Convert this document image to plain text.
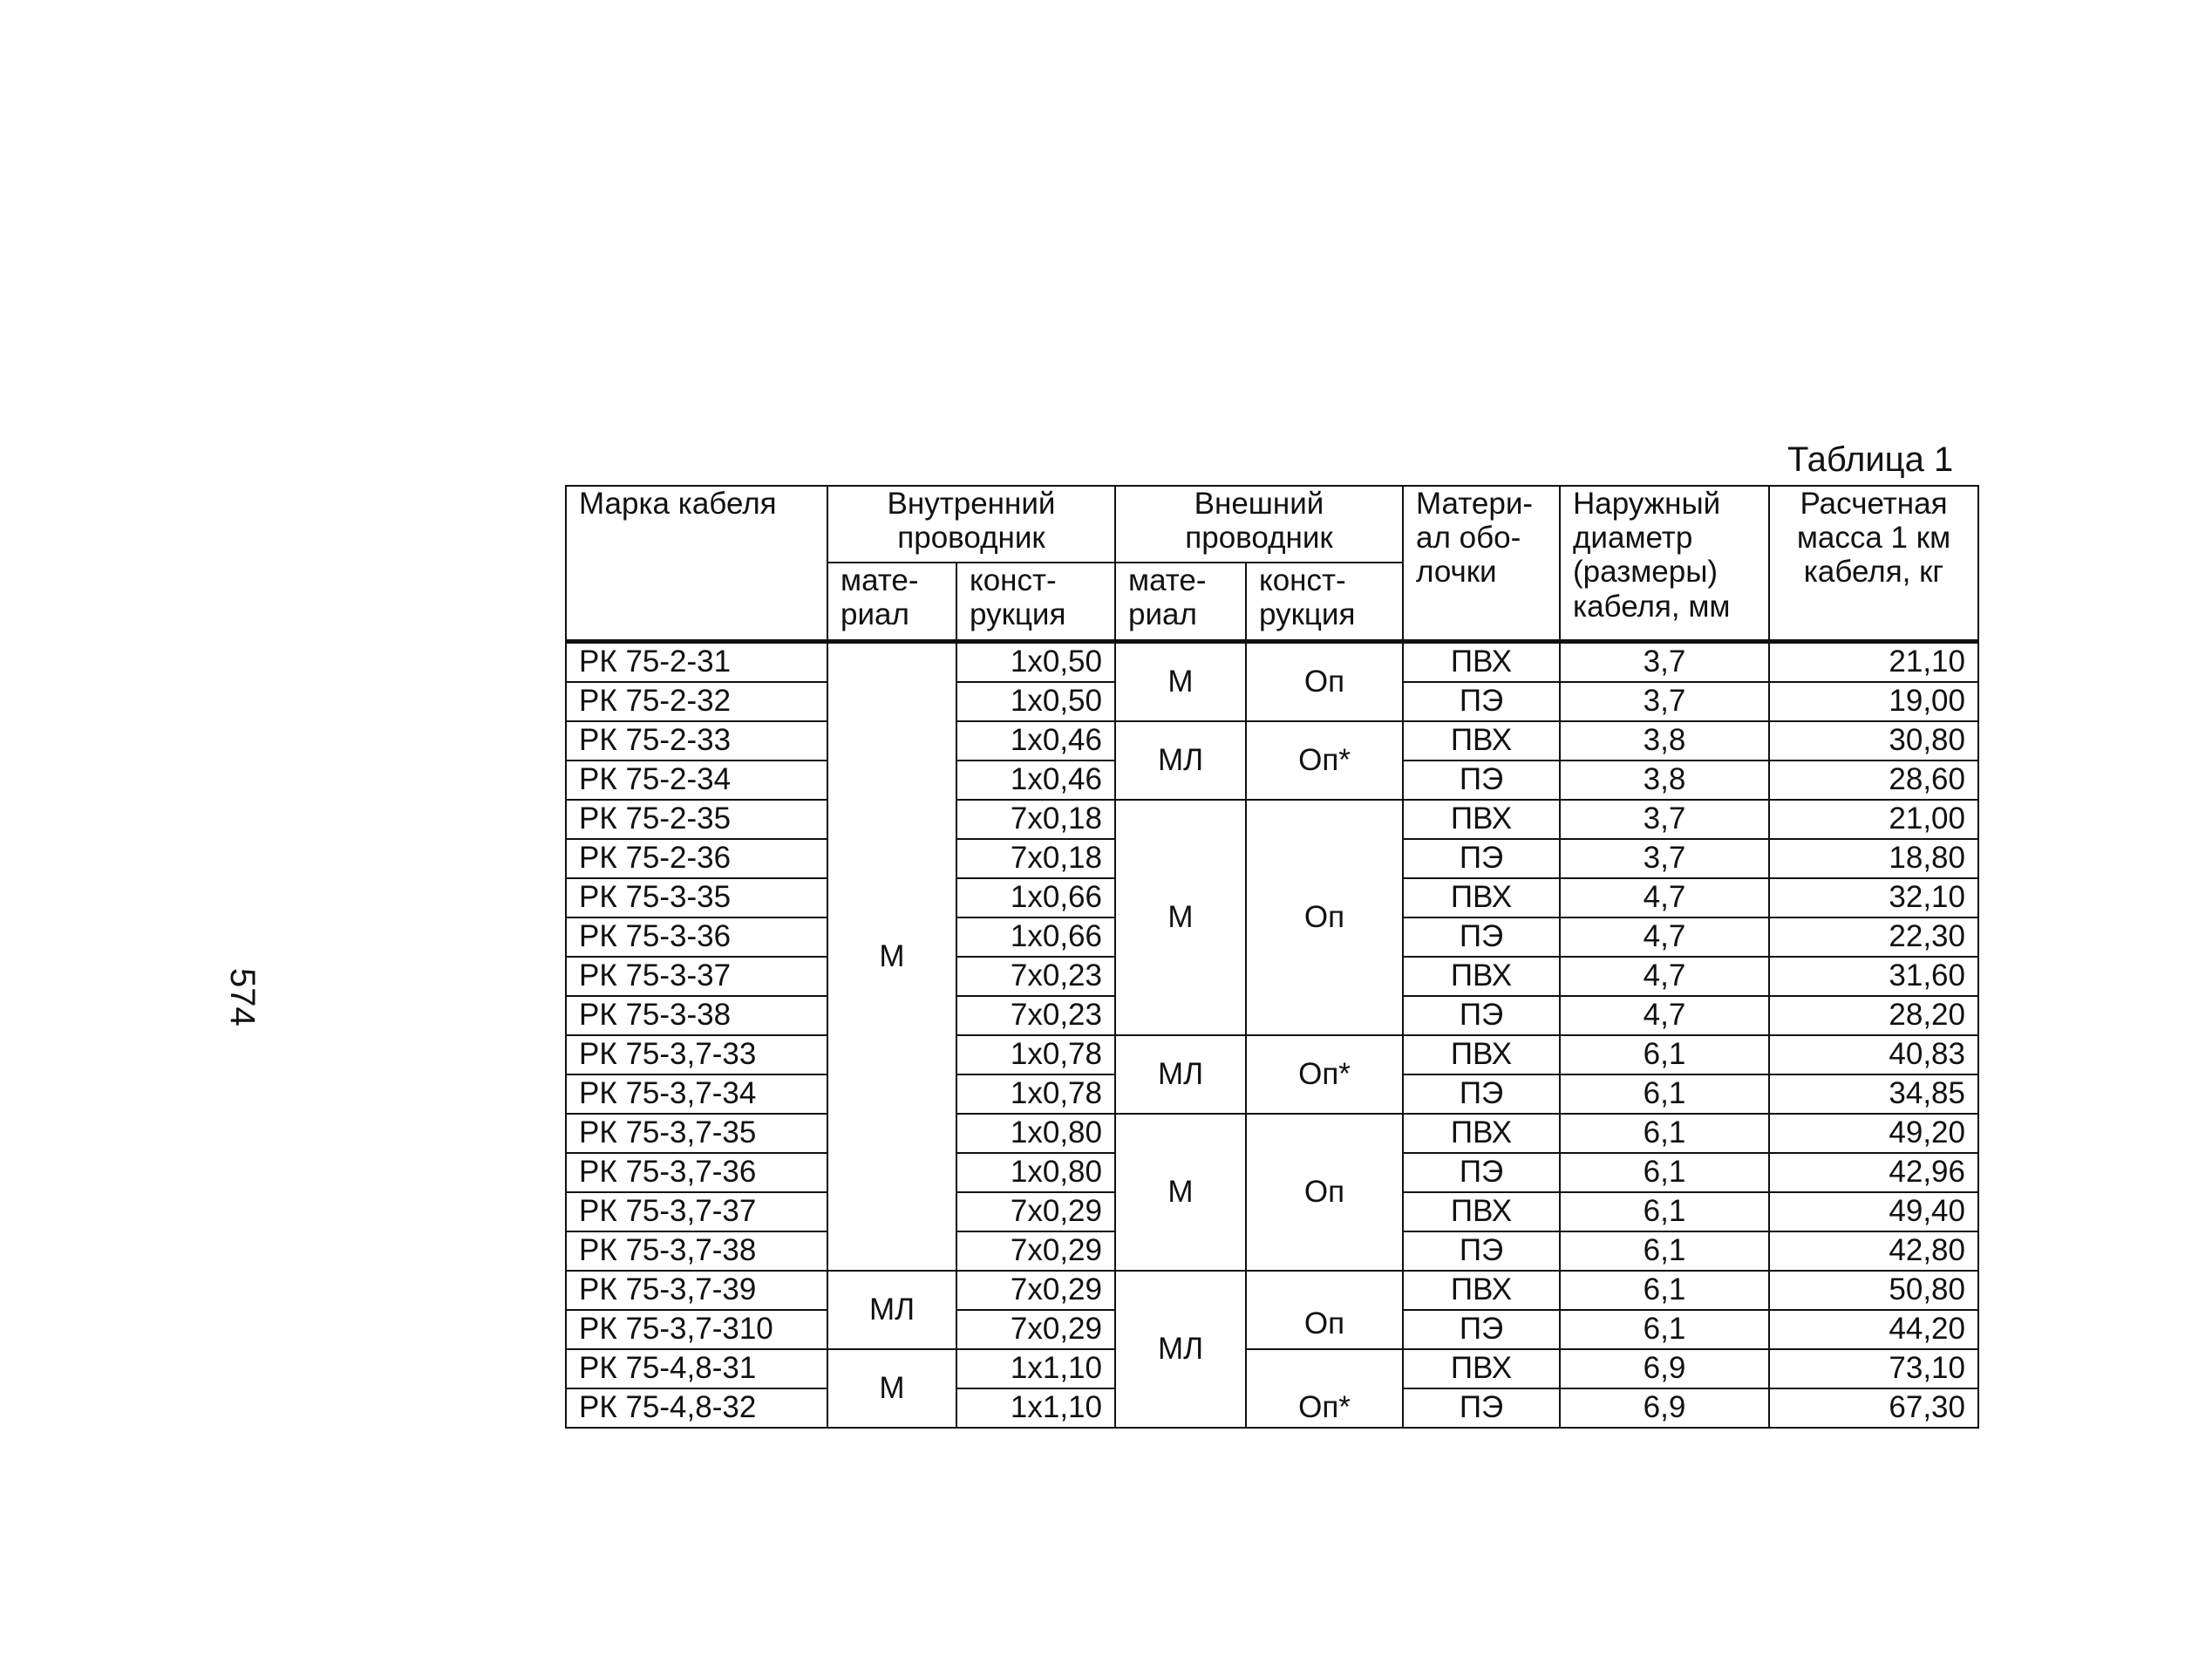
574
Таблица 1
Марка кабеля	Внутренний проводник		Внешний проводник		Матери-ал обо-лочки	Наружный диаметр (размеры) кабеля, мм	Расчетная масса 1 км кабеля, кг
	мате-риал	конст-рукция	мате-риал	конст-рукция			
РК 75-2-31	М	1х0,50	М	Оп	ПВХ	3,7	21,10
РК 75-2-32		1х0,50			ПЭ	3,7	19,00
РК 75-2-33		1х0,46	МЛ	Оп*	ПВХ	3,8	30,80
РК 75-2-34		1х0,46			ПЭ	3,8	28,60
РК 75-2-35		7х0,18	М	Оп	ПВХ	3,7	21,00
РК 75-2-36		7х0,18			ПЭ	3,7	18,80
РК 75-3-35		1х0,66			ПВХ	4,7	32,10
РК 75-3-36		1х0,66			ПЭ	4,7	22,30
РК 75-3-37		7х0,23			ПВХ	4,7	31,60
РК 75-3-38		7х0,23			ПЭ	4,7	28,20
РК 75-3,7-33		1х0,78	МЛ	Оп*	ПВХ	6,1	40,83
РК 75-3,7-34		1х0,78			ПЭ	6,1	34,85
РК 75-3,7-35		1х0,80	М	Оп	ПВХ	6,1	49,20
РК 75-3,7-36		1х0,80			ПЭ	6,1	42,96
РК 75-3,7-37		7х0,29			ПВХ	6,1	49,40
РК 75-3,7-38		7х0,29			ПЭ	6,1	42,80
РК 75-3,7-39	МЛ	7х0,29	МЛ	Оп	ПВХ	6,1	50,80
РК 75-3,7-310		7х0,29			ПЭ	6,1	44,20
РК 75-4,8-31	М	1х1,10		Оп*	ПВХ	6,9	73,10
РК 75-4,8-32		1х1,10			ПЭ	6,9	67,30
